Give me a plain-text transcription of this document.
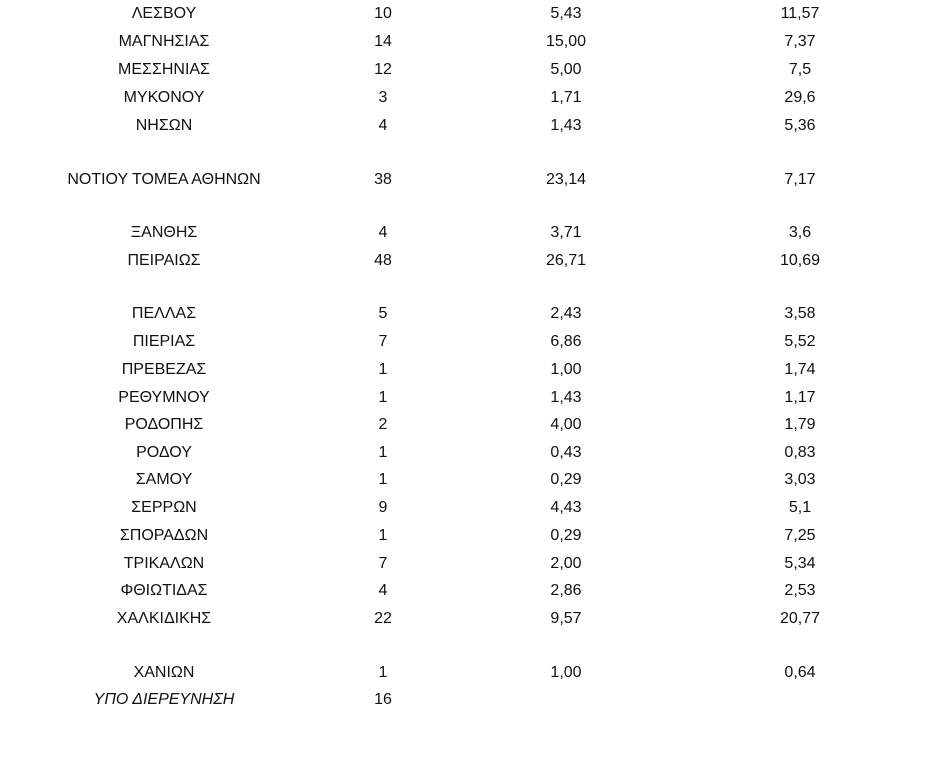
ΛΕΣΒΟΥ	10	5,43	11,57
ΜΑΓΝΗΣΙΑΣ	14	15,00	7,37
ΜΕΣΣΗΝΙΑΣ	12	5,00	7,5
ΜΥΚΟΝΟΥ	3	1,71	29,6
ΝΗΣΩΝ	4	1,43	5,36
ΝΟΤΙΟΥ ΤΟΜΕΑ ΑΘΗΝΩΝ	38	23,14	7,17
ΞΑΝΘΗΣ	4	3,71	3,6
ΠΕΙΡΑΙΩΣ	48	26,71	10,69
ΠΕΛΛΑΣ	5	2,43	3,58
ΠΙΕΡΙΑΣ	7	6,86	5,52
ΠΡΕΒΕΖΑΣ	1	1,00	1,74
ΡΕΘΥΜΝΟΥ	1	1,43	1,17
ΡΟΔΟΠΗΣ	2	4,00	1,79
ΡΟΔΟΥ	1	0,43	0,83
ΣΑΜΟΥ	1	0,29	3,03
ΣΕΡΡΩΝ	9	4,43	5,1
ΣΠΟΡΑΔΩΝ	1	0,29	7,25
ΤΡΙΚΑΛΩΝ	7	2,00	5,34
ΦΘΙΩΤΙΔΑΣ	4	2,86	2,53
ΧΑΛΚΙΔΙΚΗΣ	22	9,57	20,77
ΧΑΝΙΩΝ	1	1,00	0,64
ΥΠΟ ΔΙΕΡΕΥΝΗΣΗ	16
